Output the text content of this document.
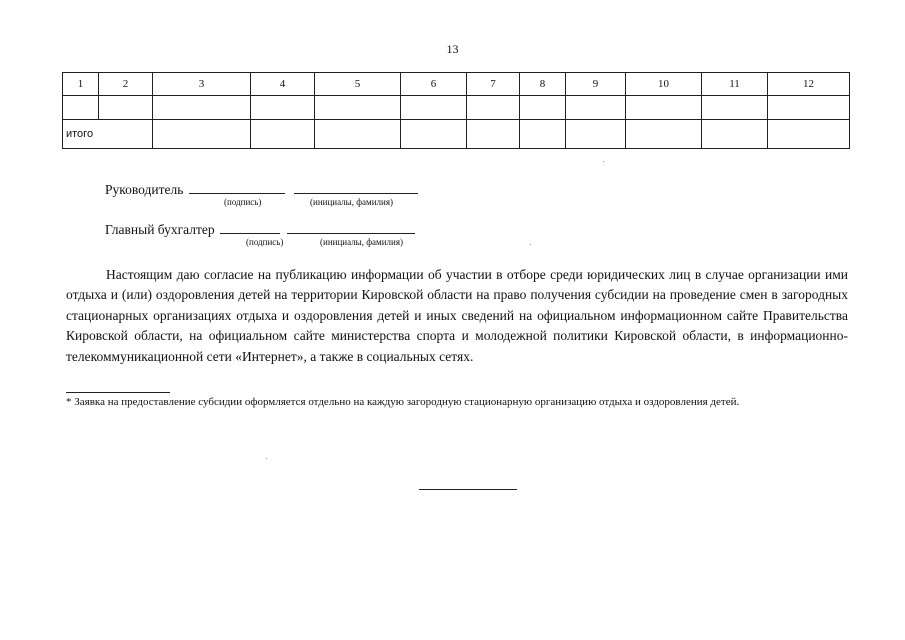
13
1	2	3	4	5	6	7	8	9	10	11	12

итого											
Руководитель
(подпись)	(инициалы, фамилия)
Главный бухгалтер
(подпись)	(инициалы, фамилия)
Настоящим даю согласие на публикацию информации об участии в отборе среди юридических лиц в случае организации ими отдыха и (или) оздоровления детей на территории Кировской области на право получения субсидии на проведение смен в загородных стационарных организациях отдыха и оздоровления детей и иных сведений на официальном информационном сайте Правительства Кировской области, на официальном сайте министерства спорта и молодежной политики Кировской области, в информационно-телекоммуникационной сети «Интернет», а также в социальных сетях.
* Заявка на предоставление субсидии оформляется отдельно на каждую загородную стационарную организацию отдыха и оздоровления детей.
